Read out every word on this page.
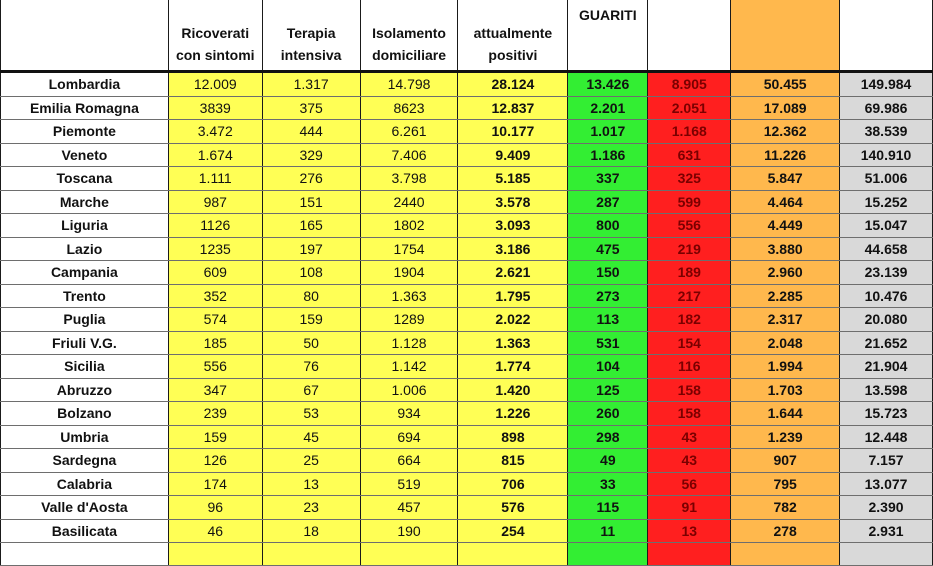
	Ricoverati con sintomi	Terapia intensiva	Isolamento domiciliare	attualmente positivi	GUARITI	

Lombardia	12.009	1.317	14.798	28.124	13.426	8.905	50.455	149.984
Emilia Romagna	3839	375	8623	12.837	2.201	2.051	17.089	69.986
Piemonte	3.472	444	6.261	10.177	1.017	1.168	12.362	38.539
Veneto	1.674	329	7.406	9.409	1.186	631	11.226	140.910
Toscana	1.111	276	3.798	5.185	337	325	5.847	51.006
Marche	987	151	2440	3.578	287	599	4.464	15.252
Liguria	1126	165	1802	3.093	800	556	4.449	15.047
Lazio	1235	197	1754	3.186	475	219	3.880	44.658
Campania	609	108	1904	2.621	150	189	2.960	23.139
Trento	352	80	1.363	1.795	273	217	2.285	10.476
Puglia	574	159	1289	2.022	113	182	2.317	20.080
Friuli V.G.	185	50	1.128	1.363	531	154	2.048	21.652
Sicilia	556	76	1.142	1.774	104	116	1.994	21.904
Abruzzo	347	67	1.006	1.420	125	158	1.703	13.598
Bolzano	239	53	934	1.226	260	158	1.644	15.723
Umbria	159	45	694	898	298	43	1.239	12.448
Sardegna	126	25	664	815	49	43	907	7.157
Calabria	174	13	519	706	33	56	795	13.077
Valle d'Aosta	96	23	457	576	115	91	782	2.390
Basilicata	46	18	190	254	11	13	278	2.931
